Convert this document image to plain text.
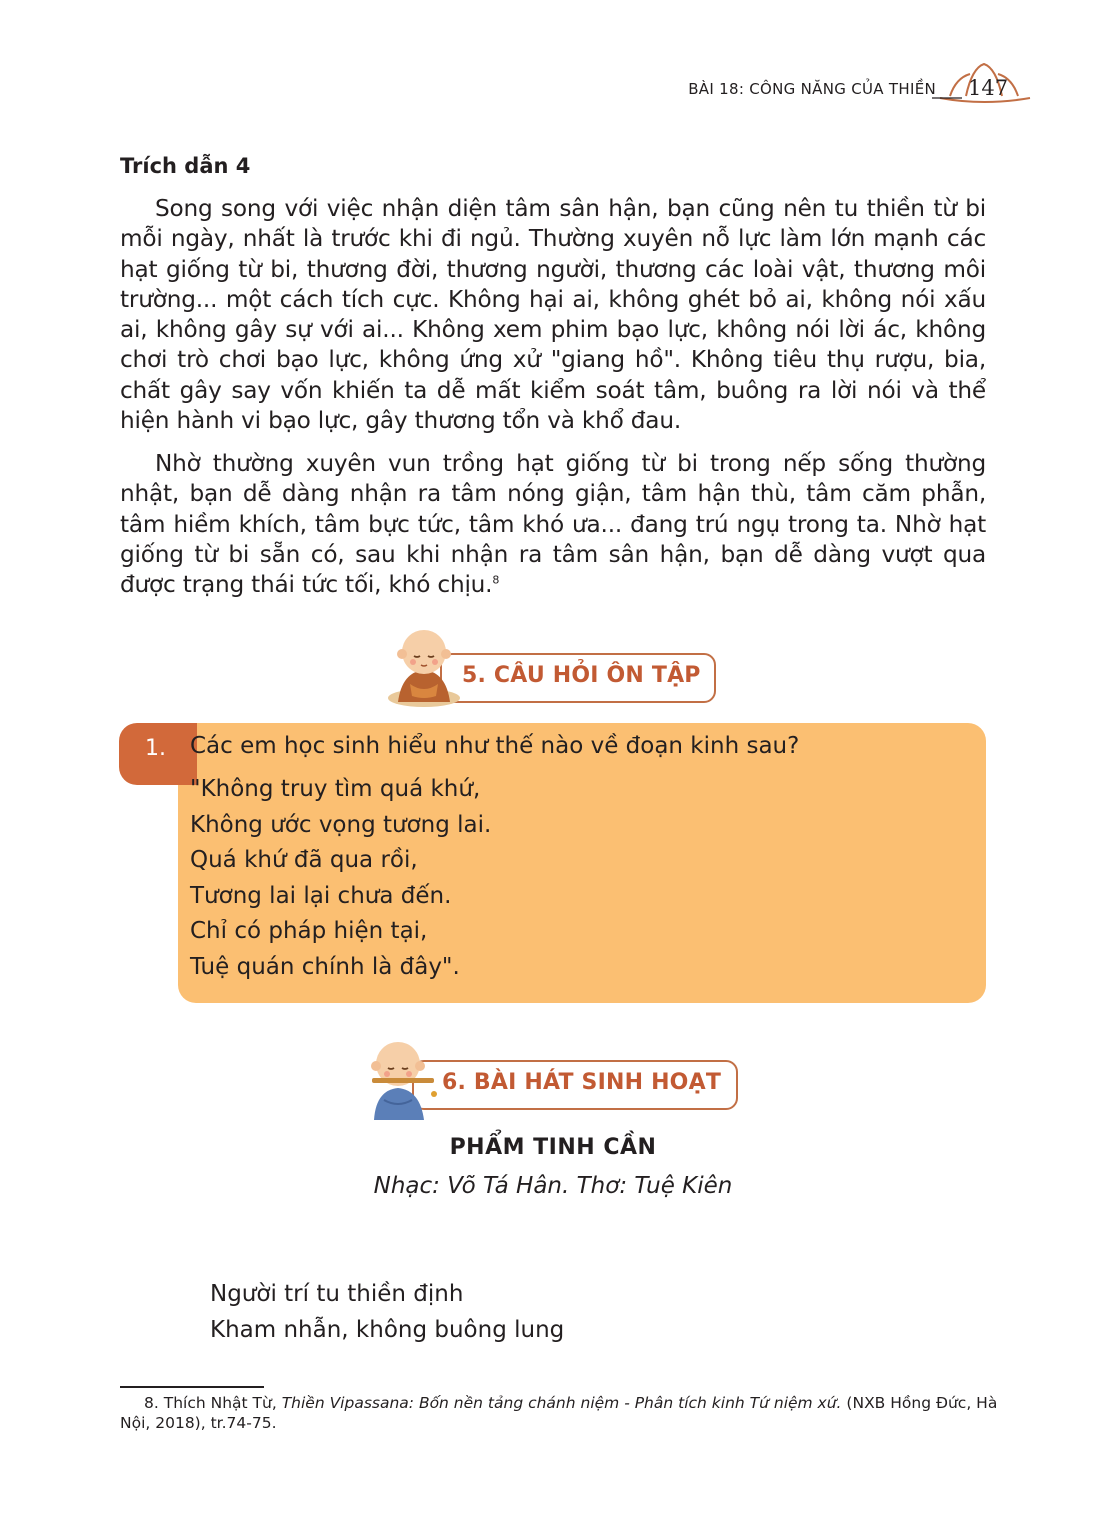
BÀI 18: CÔNG NĂNG CỦA THIỀN 147
Trích dẫn 4

Song song với việc nhận diện tâm sân hận, bạn cũng nên tu thiền từ bi mỗi ngày, nhất là trước khi đi ngủ. Thường xuyên nỗ lực làm lớn mạnh các hạt giống từ bi, thương đời, thương người, thương các loài vật, thương môi trường... một cách tích cực. Không hại ai, không ghét bỏ ai, không nói xấu ai, không gây sự với ai... Không xem phim bạo lực, không nói lời ác, không chơi trò chơi bạo lực, không ứng xử "giang hồ". Không tiêu thụ rượu, bia, chất gây say vốn khiến ta dễ mất kiểm soát tâm, buông ra lời nói và thể hiện hành vi bạo lực, gây thương tổn và khổ đau.

Nhờ thường xuyên vun trồng hạt giống từ bi trong nếp sống thường nhật, bạn dễ dàng nhận ra tâm nóng giận, tâm hận thù, tâm căm phẫn, tâm hiềm khích, tâm bực tức, tâm khó ưa... đang trú ngụ trong ta. Nhờ hạt giống từ bi sẵn có, sau khi nhận ra tâm sân hận, bạn dễ dàng vượt qua được trạng thái tức tối, khó chịu.$^8$

5. CÂU HỎI ÔN TẬP
1.	Các em học sinh hiểu như thế nào về đoạn kinh sau?
"Không truy tìm quá khứ,
Không ước vọng tương lai.
Quá khứ đã qua rồi,
Tương lai lại chưa đến.
Chỉ có pháp hiện tại,
Tuệ quán chính là đây".
6. BÀI HÁT SINH HOẠT
PHẨM TINH CẦN
Nhạc: Võ Tá Hân. Thơ: Tuệ Kiên
Người trí tu thiền định
Kham nhẫn, không buông lung

8. Thích Nhật Từ, Thiền Vipassana: Bốn nền tảng chánh niệm - Phân tích kinh Tứ niệm xứ. (NXB Hồng Đức, Hà Nội, 2018), tr.74-75.
